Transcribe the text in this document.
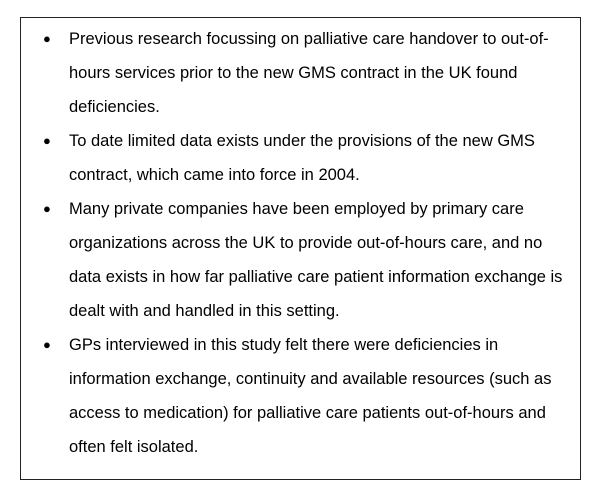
● Previous research focussing on palliative care handover to out-of-hours services prior to the new GMS contract in the UK found deficiencies.
● To date limited data exists under the provisions of the new GMS contract, which came into force in 2004.
● Many private companies have been employed by primary care organizations across the UK to provide out-of-hours care, and no data exists in how far palliative care patient information exchange is dealt with and handled in this setting.
● GPs interviewed in this study felt there were deficiencies in information exchange, continuity and available resources (such as access to medication) for palliative care patients out-of-hours and often felt isolated.
